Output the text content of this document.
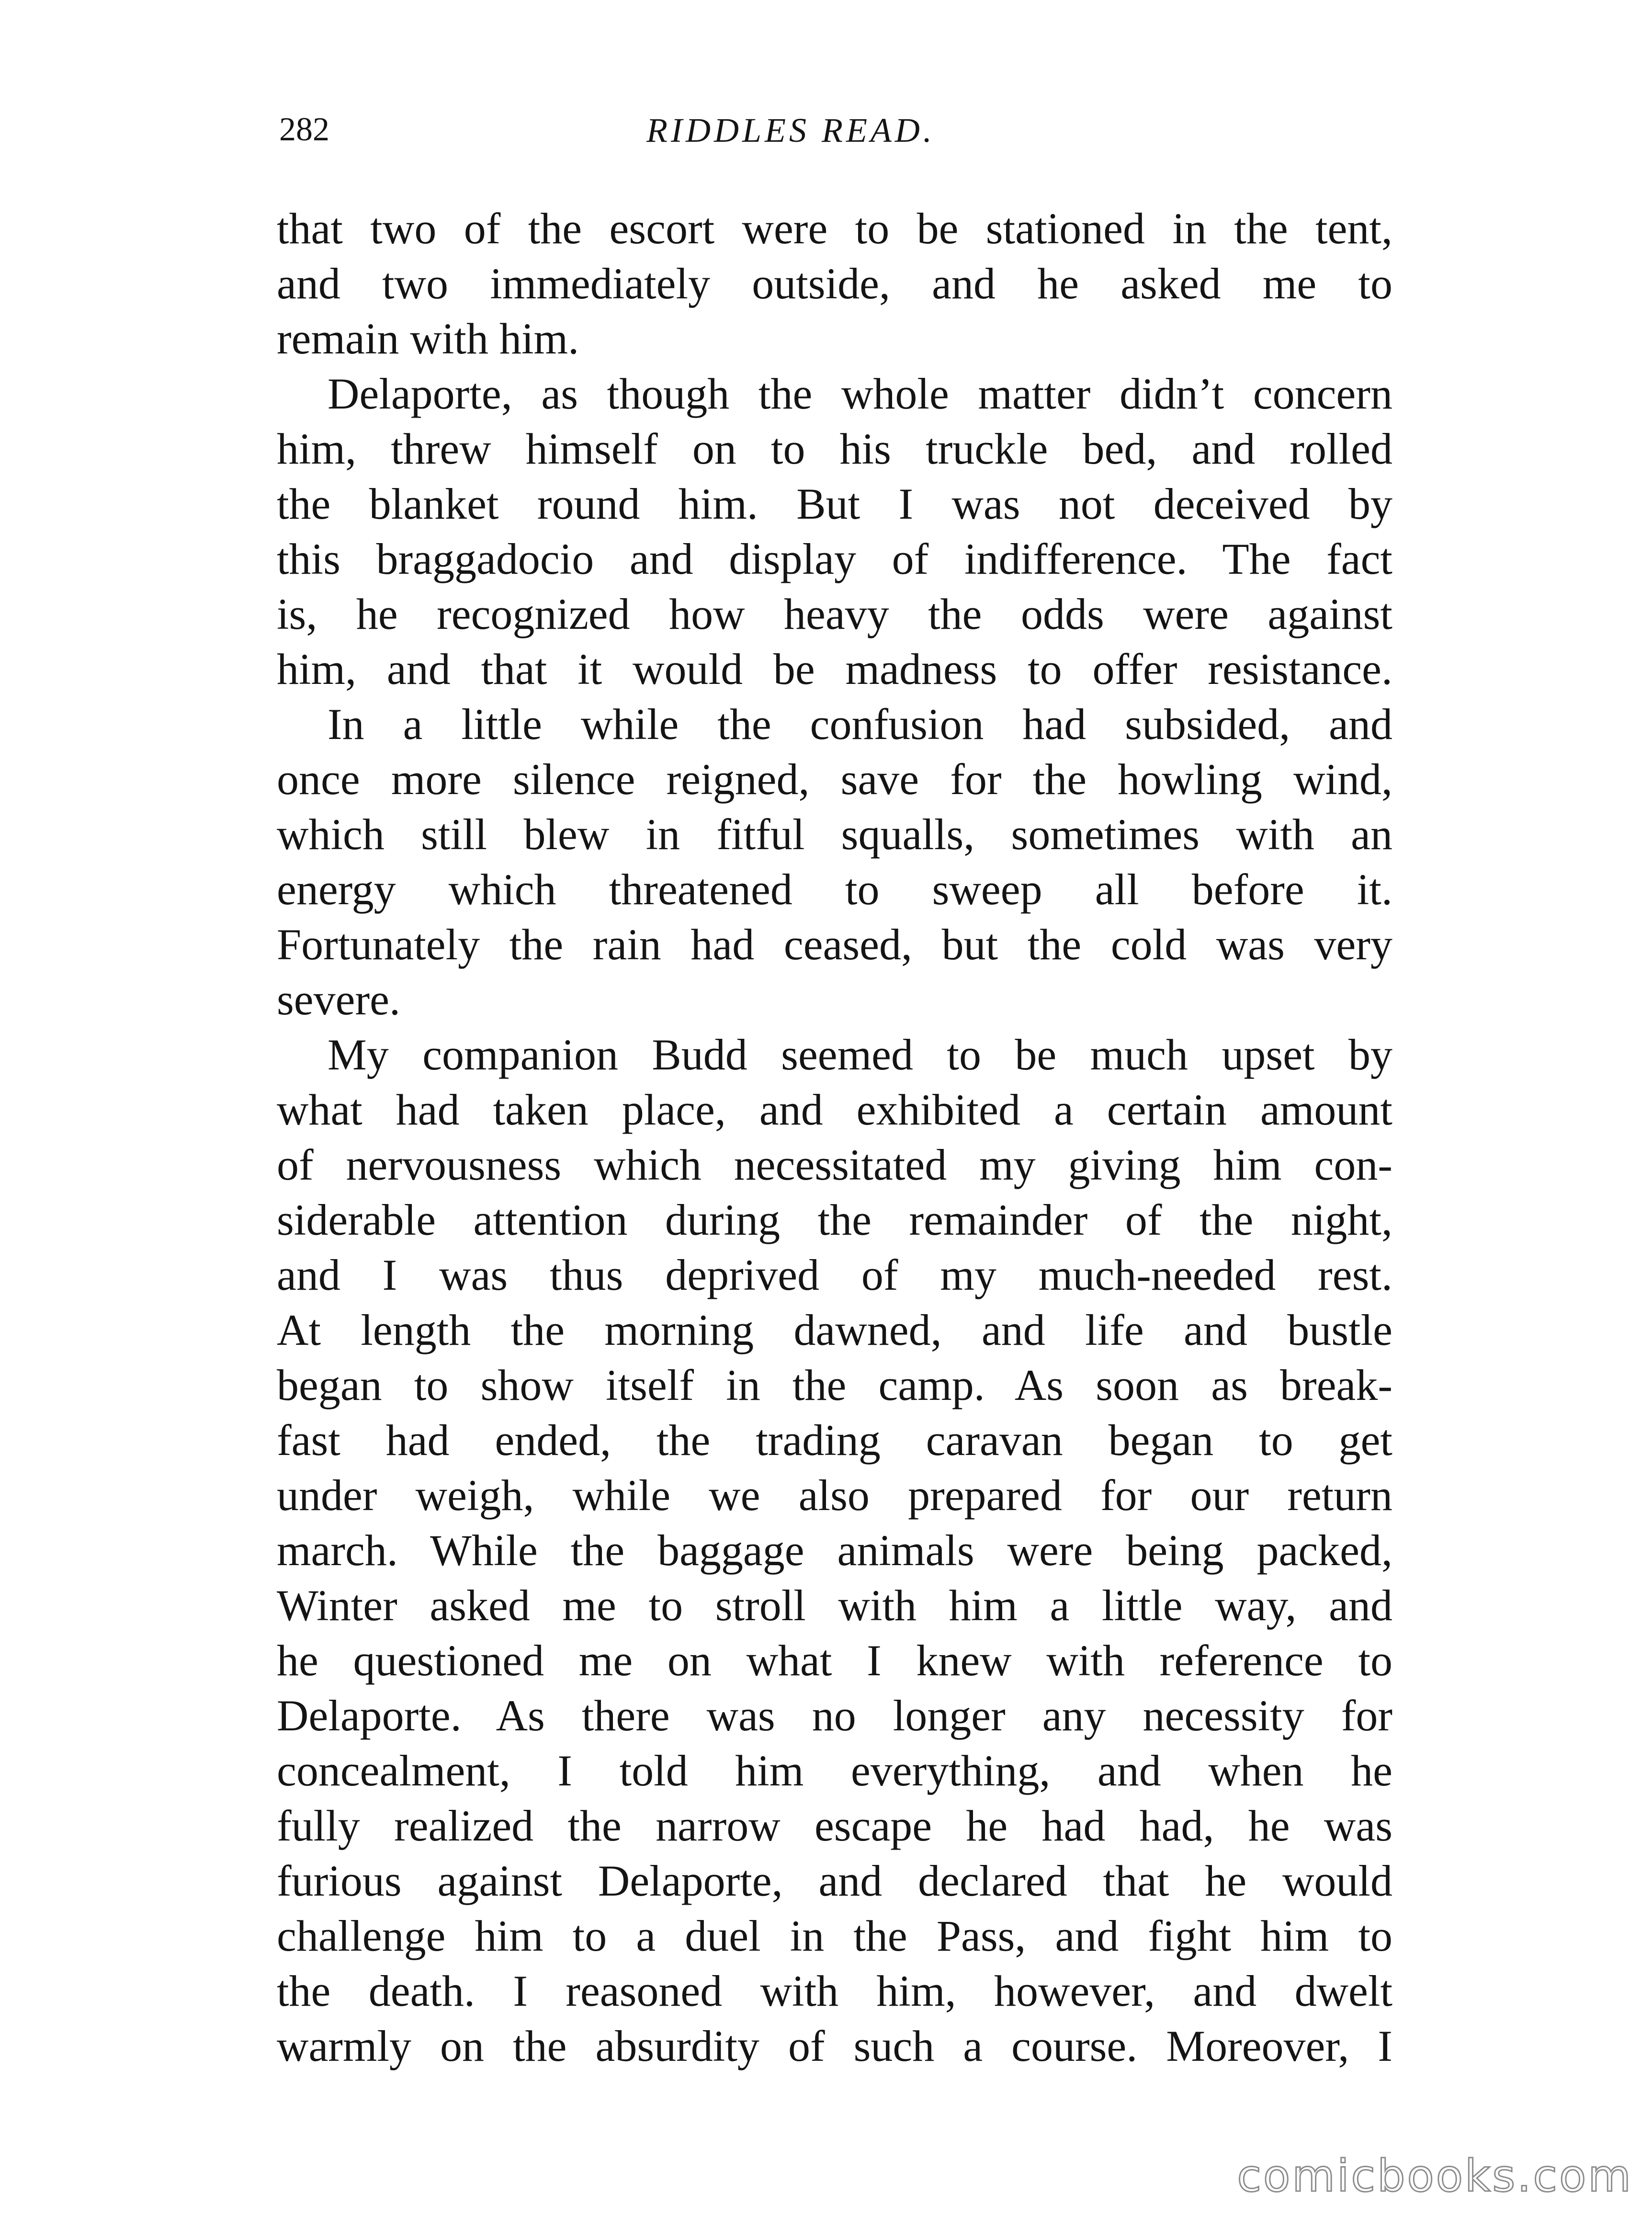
282	RIDDLES READ.
that two of the escort were to be stationed in the tent,
and two immediately outside, and he asked me to
remain with him.
Delaporte, as though the whole matter didn’t concern
him, threw himself on to his truckle bed, and rolled
the blanket round him. But I was not deceived by
this braggadocio and display of indifference. The fact
is, he recognized how heavy the odds were against
him, and that it would be madness to offer resistance.
In a little while the confusion had subsided, and
once more silence reigned, save for the howling wind,
which still blew in fitful squalls, sometimes with an
energy which threatened to sweep all before it.
Fortunately the rain had ceased, but the cold was very
severe.
My companion Budd seemed to be much upset by
what had taken place, and exhibited a certain amount
of nervousness which necessitated my giving him con-
siderable attention during the remainder of the night,
and I was thus deprived of my much-needed rest.
At length the morning dawned, and life and bustle
began to show itself in the camp. As soon as break-
fast had ended, the trading caravan began to get
under weigh, while we also prepared for our return
march. While the baggage animals were being packed,
Winter asked me to stroll with him a little way, and
he questioned me on what I knew with reference to
Delaporte. As there was no longer any necessity for
concealment, I told him everything, and when he
fully realized the narrow escape he had had, he was
furious against Delaporte, and declared that he would
challenge him to a duel in the Pass, and fight him to
the death. I reasoned with him, however, and dwelt
warmly on the absurdity of such a course. Moreover, I
comicbooks.com
